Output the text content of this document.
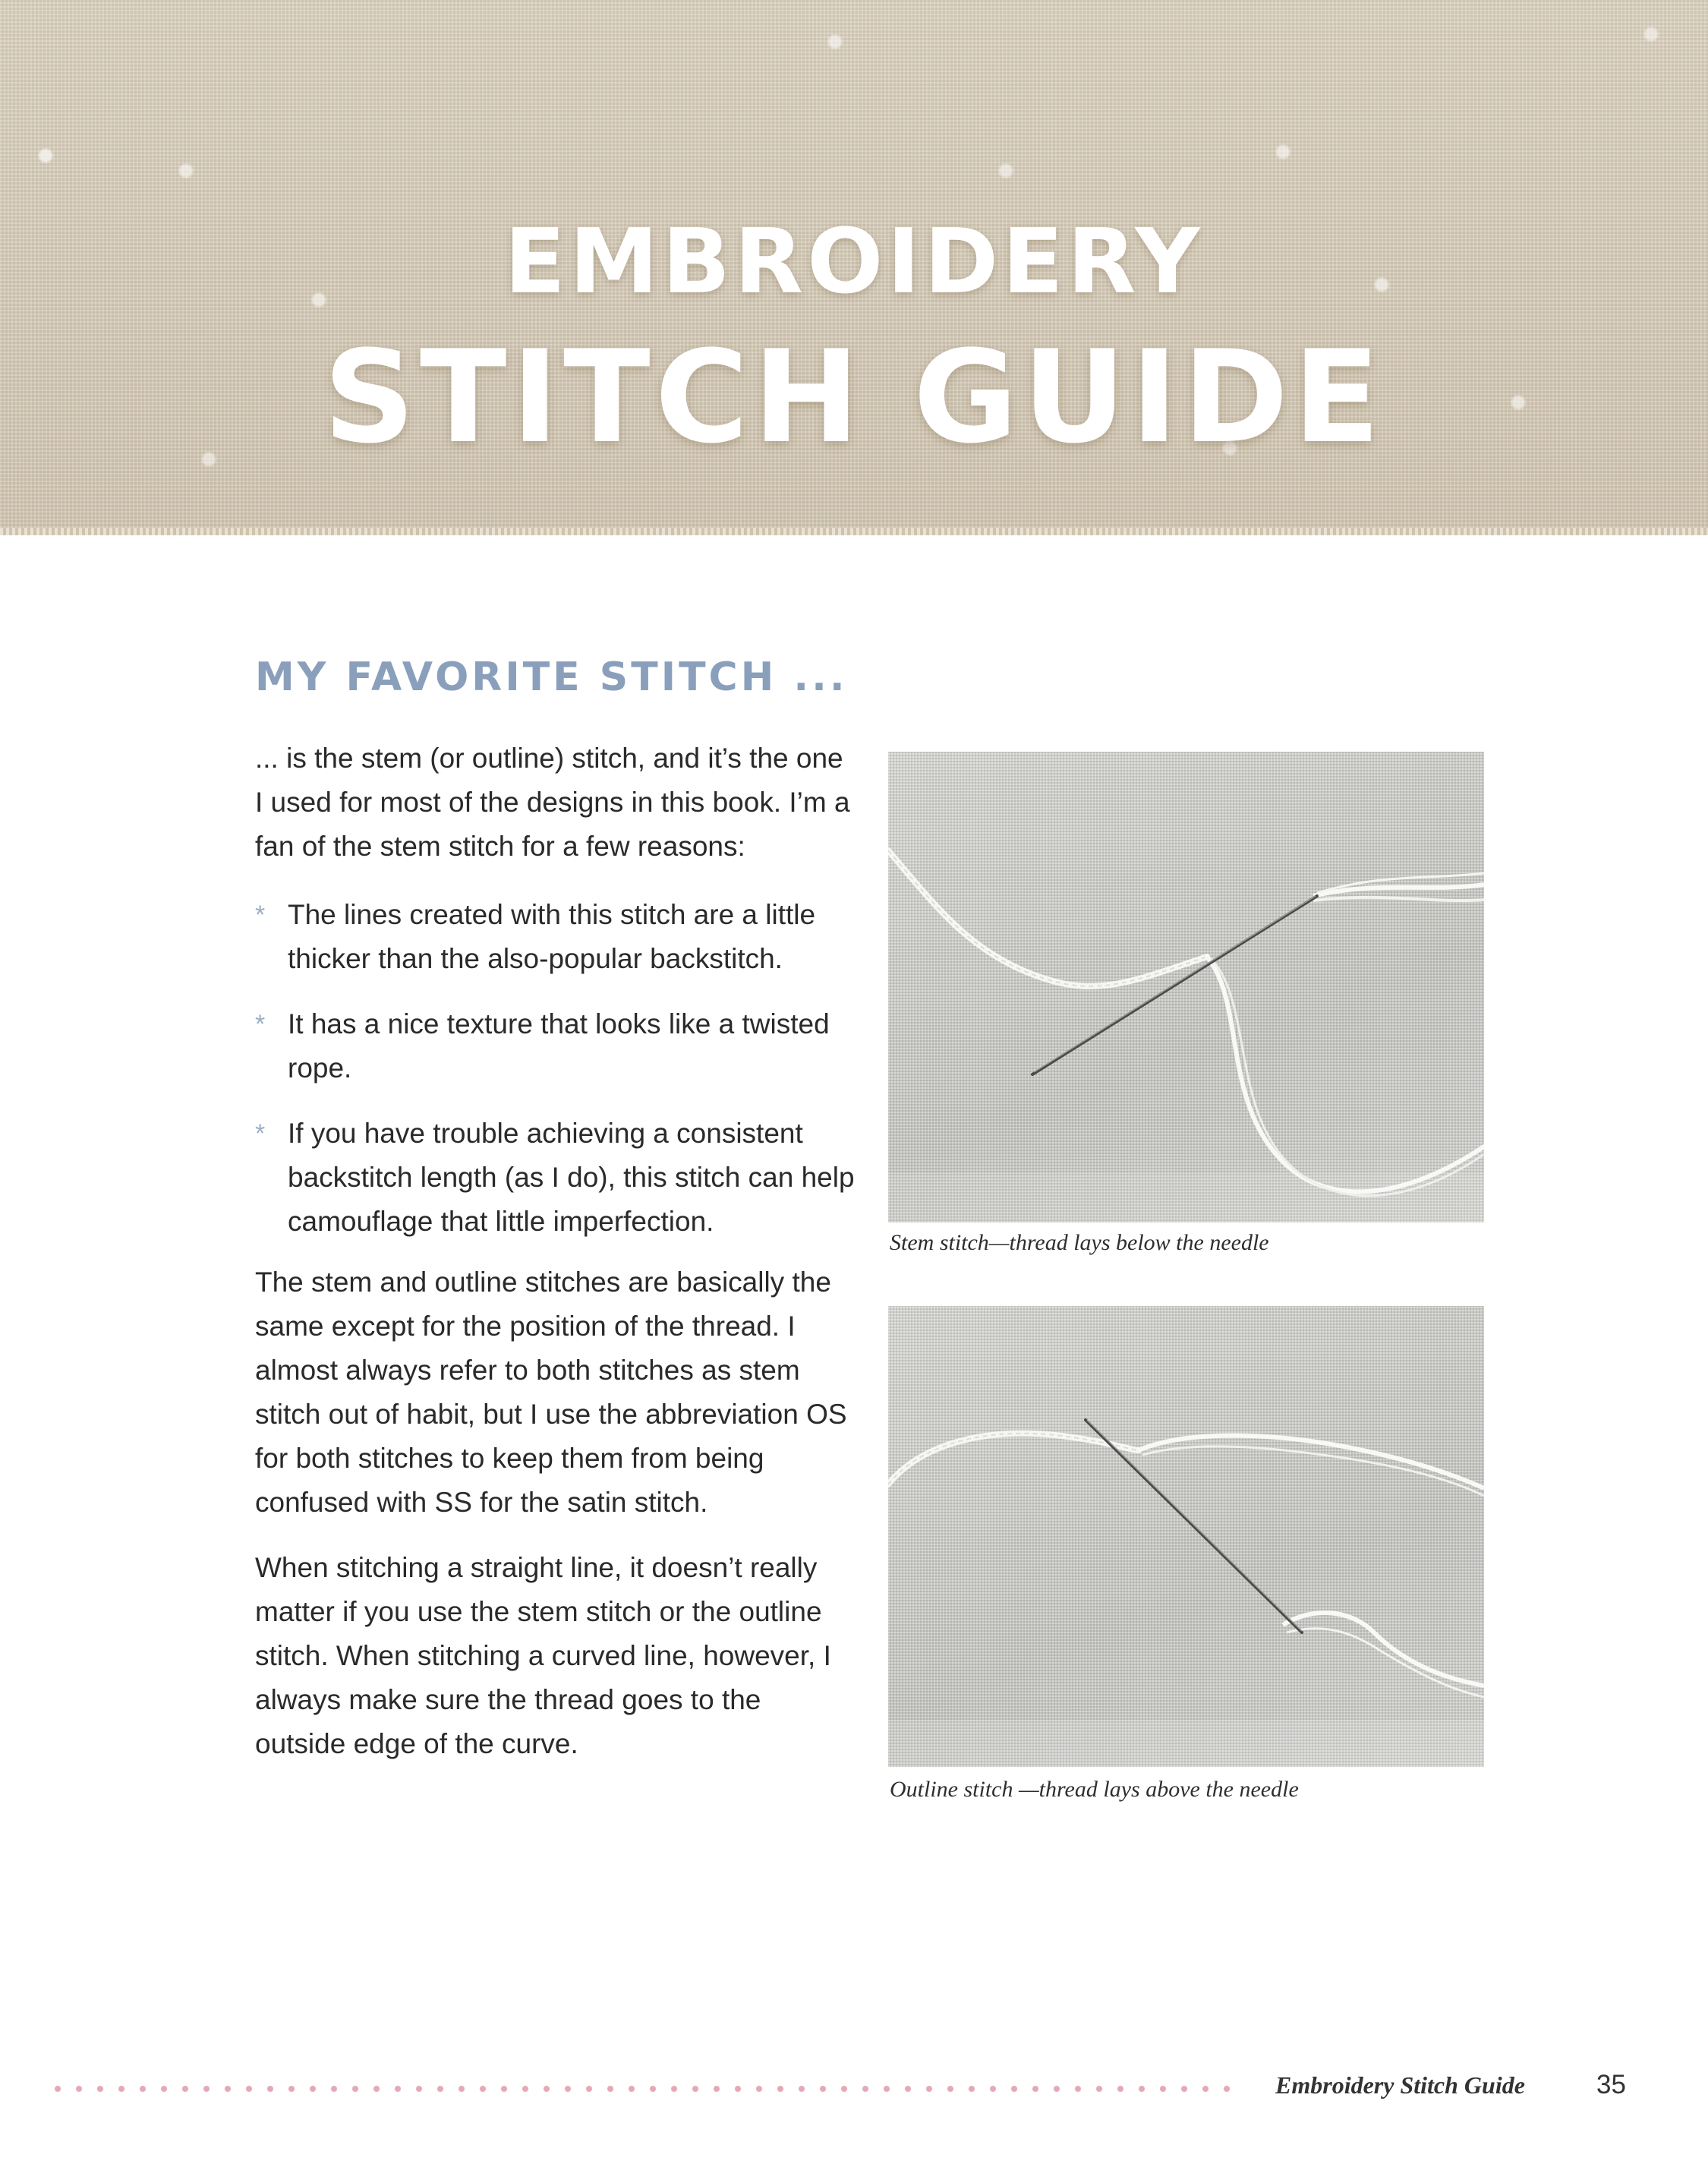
EMBROIDERY
STITCH GUIDE
MY FAVORITE STITCH ...

... is the stem (or outline) stitch, and it’s the one I used for most of the designs in this book. I’m a fan of the stem stitch for a few reasons:

* The lines created with this stitch are a little thicker than the also-popular backstitch.
* It has a nice texture that looks like a twisted rope.
* If you have trouble achieving a consistent backstitch length (as I do), this stitch can help camouflage that little imperfection.

The stem and outline stitches are basically the same except for the position of the thread. I almost always refer to both stitches as stem stitch out of habit, but I use the abbreviation OS for both stitches to keep them from being confused with SS for the satin stitch.

When stitching a straight line, it doesn’t really matter if you use the stem stitch or the outline stitch. When stitching a curved line, however, I always make sure the thread goes to the outside edge of the curve.

Stem stitch—thread lays below the needle

Outline stitch —thread lays above the needle

Embroidery Stitch Guide	35
